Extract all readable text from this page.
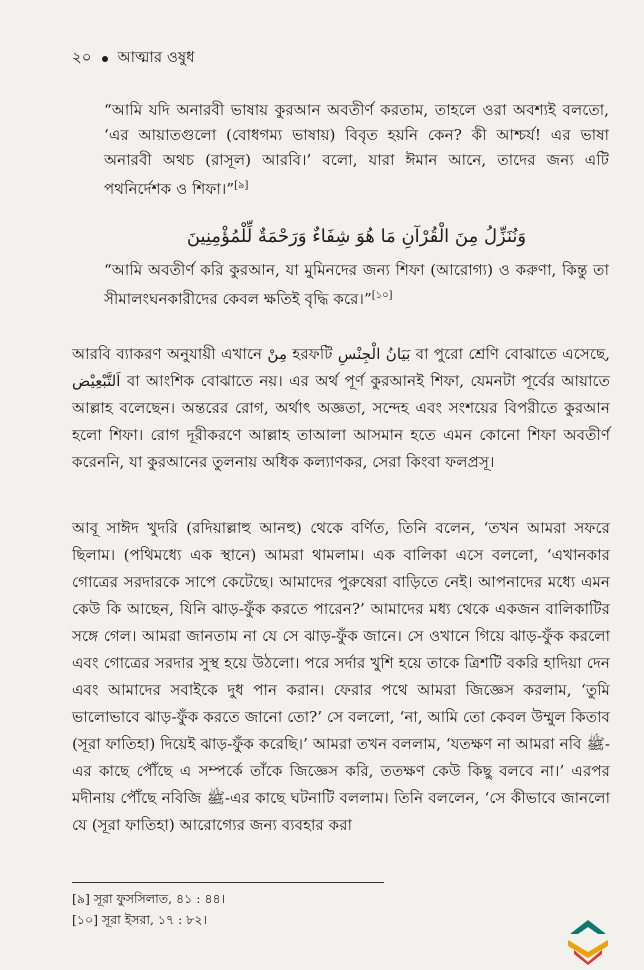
২০ আত্মার ওষুধ
“আমি যদি অনারবী ভাষায় কুরআন অবতীর্ণ করতাম, তাহলে ওরা অবশ্যই বলতো, ‘এর আয়াতগুলো (বোধগম্য ভাষায়) বিবৃত হয়নি কেন? কী আশ্চর্য! এর ভাষা অনারবী অথচ (রাসূল) আরবি।’ বলো, যারা ঈমান আনে, তাদের জন্য এটি পথনির্দেশক ও শিফা।”[৯]
وَنُنَزِّلُ مِنَ الْقُرْآنِ مَا هُوَ شِفَاءٌ وَرَحْمَةٌ لِّلْمُؤْمِنِينَ
“আমি অবতীর্ণ করি কুরআন, যা মুমিনদের জন্য শিফা (আরোগ্য) ও করুণা, কিন্তু তা সীমালংঘনকারীদের কেবল ক্ষতিই বৃদ্ধি করে।”[১০]
আরবি ব্যাকরণ অনুযায়ী এখানে مِنْ হরফটি بَيَانُ الْجِنْسِ বা পুরো শ্রেণি বোঝাতে এসেছে, اَلتَّبْعِيْض বা আংশিক বোঝাতে নয়। এর অর্থ পূর্ণ কুরআনই শিফা, যেমনটা পূর্বের আয়াতে আল্লাহ বলেছেন। অন্তরের রোগ, অর্থাৎ অজ্ঞতা, সন্দেহ এবং সংশয়ের বিপরীতে কুরআন হলো শিফা। রোগ দূরীকরণে আল্লাহ তাআলা আসমান হতে এমন কোনো শিফা অবতীর্ণ করেননি, যা কুরআনের তুলনায় অধিক কল্যাণকর, সেরা কিংবা ফলপ্রসূ।
আবূ সাঈদ খুদরি (রদিয়াল্লাহু আনহু) থেকে বর্ণিত, তিনি বলেন, ‘তখন আমরা সফরে ছিলাম। (পথিমধ্যে এক স্থানে) আমরা থামলাম। এক বালিকা এসে বললো, ‘এখানকার গোত্রের সরদারকে সাপে কেটেছে। আমাদের পুরুষেরা বাড়িতে নেই। আপনাদের মধ্যে এমন কেউ কি আছেন, যিনি ঝাড়-ফুঁক করতে পারেন?’ আমাদের মধ্য থেকে একজন বালিকাটির সঙ্গে গেল। আমরা জানতাম না যে সে ঝাড়-ফুঁক জানে। সে ওখানে গিয়ে ঝাড়-ফুঁক করলো এবং গোত্রের সরদার সুস্থ হয়ে উঠলো। পরে সর্দার খুশি হয়ে তাকে ত্রিশটি বকরি হাদিয়া দেন এবং আমাদের সবাইকে দুধ পান করান। ফেরার পথে আমরা জিজ্ঞেস করলাম, ‘তুমি ভালোভাবে ঝাড়-ফুঁক করতে জানো তো?’ সে বললো, ‘না, আমি তো কেবল উম্মুল কিতাব (সূরা ফাতিহা) দিয়েই ঝাড়-ফুঁক করেছি।’ আমরা তখন বললাম, ‘যতক্ষণ না আমরা নবি ﷺ-এর কাছে পৌঁছে এ সম্পর্কে তাঁকে জিজ্ঞেস করি, ততক্ষণ কেউ কিছু বলবে না।’ এরপর মদীনায় পৌঁছে নবিজি ﷺ-এর কাছে ঘটনাটি বললাম। তিনি বললেন, ‘সে কীভাবে জানলো যে (সূরা ফাতিহা) আরোগ্যের জন্য ব্যবহার করা
[৯] সূরা ফুসসিলাত, ৪১ : ৪৪।
[১০] সূরা ইসরা, ১৭ : ৮২।
